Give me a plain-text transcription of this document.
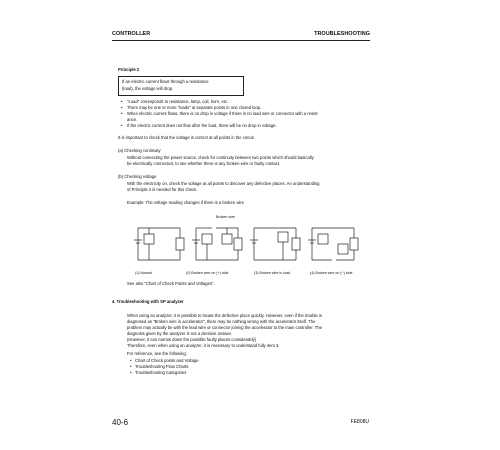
CONTROLLER	TROUBLESHOOTING
Principle 2
If an electric current flows through a resistance
(load), the voltage will drop.
• "Load" corresponds to resistance, lamp, coil, horn, etc.
• There may be one or more "loads" at separate points in one closed loop.
• When electric current flows, there is no drop in voltage if there is no load wire or connector with a resist-
ance.
• If the electric current does not flow after the load, there will be no drop in voltage.
It is important to check that the voltage is correct at all points in the circuit.
(a) Checking continuity
Without connecting the power source, check for continuity between two points which should basically
be electrically connected, to see whether there is any broken wire or faulty contact.
(b) Checking voltage
With the electricity on, check the voltage at all points to discover any defective places. An understanding
of Principle 2 is needed for this check.
Example: The voltage reading changes if there is a broken wire
Broken wire
(1) Normal	(2) Broken wire on (+) side	(3) Broken wire in load	(4) Broken wire on (−) side
See also "Chart of Check Points and Voltages".
4. Troubleshooting with SP analyzer
When using an analyzer, it is possible to locate the defective place quickly. However, even if the trouble is
diagnosed as "Broken wire in accelerator", there may be nothing wrong with the accelerator itself. The
problem may actually be with the lead wire or connector joining the accelerator to the main controller. The
diagnosis given by the analyzer is not a decisive answer.
(However, it can narrow down the possible faulty places considerably)
Therefore, even when using an analyzer, it is necessary to understand fully item 3.
For reference, see the following:
• Chart of Check points and Voltage
• Troubleshooting Flow Charts
• Troubleshooting Categories
40-6	FE808U
